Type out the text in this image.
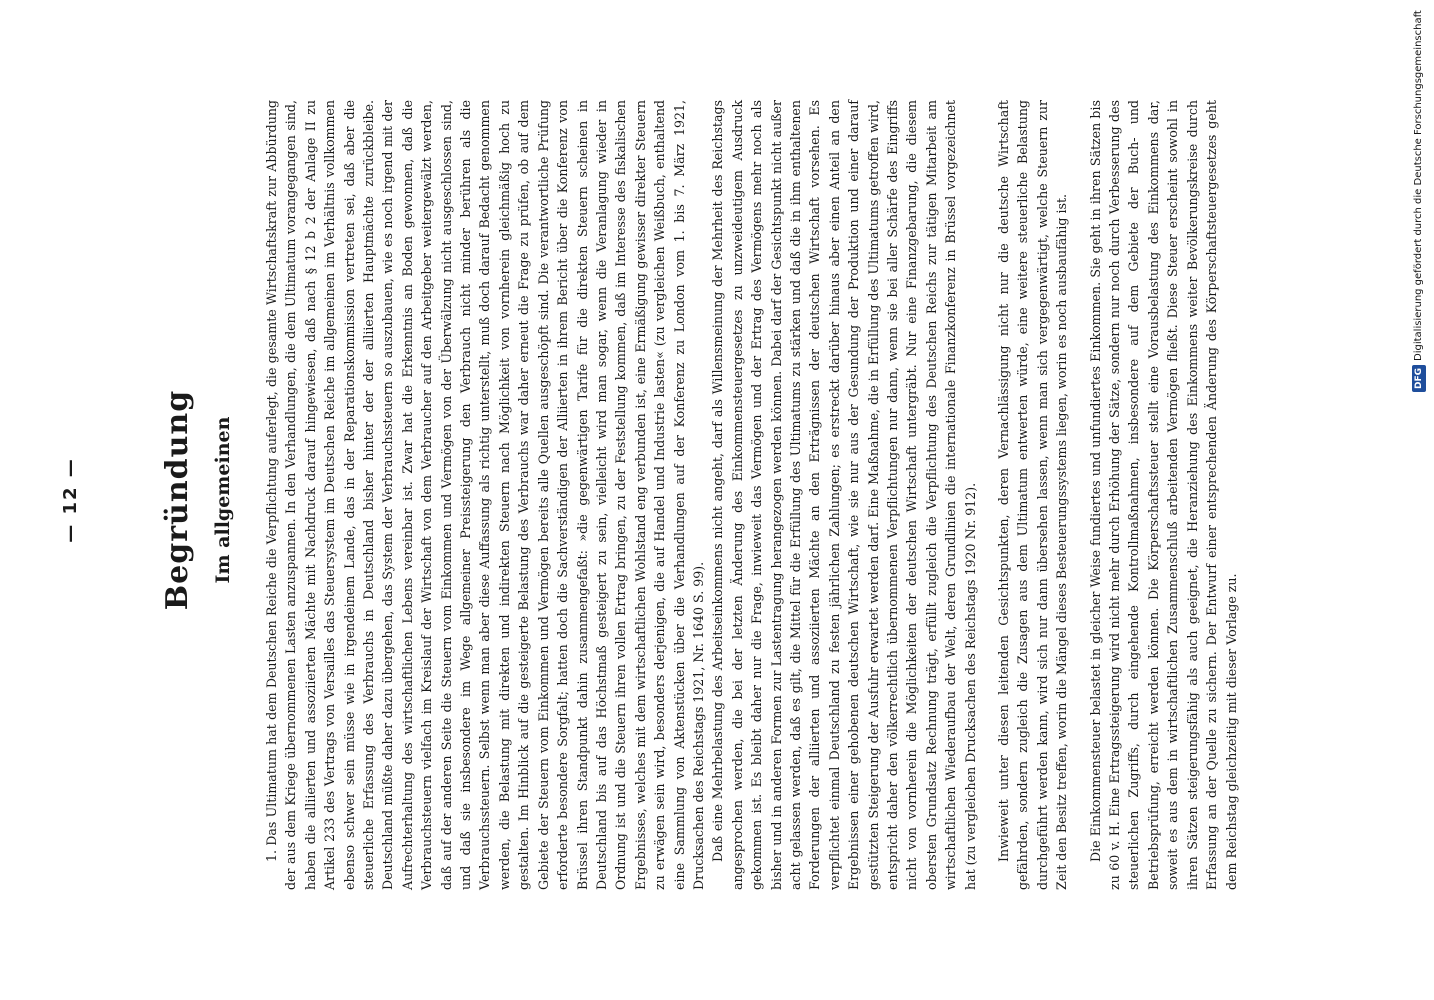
— 12 —	Begründung Im allgemeinen 1. Das Ultimatum hat dem Deutschen Reiche die Verpflichtung auferlegt, die gesamte Wirtschaftskraft zur Abbürdung der aus dem Kriege übernommenen Lasten anzuspannen. In den Verhandlungen, die dem Ultimatum vorangegangen sind, haben die alliierten und assoziierten Mächte mit Nachdruck darauf hingewiesen, daß nach § 12 b 2 der Anlage II zu Artikel 233 des Vertrags von Versailles das Steuersystem im Deutschen Reiche im allgemeinen im Verhältnis vollkommen ebenso schwer sein müsse wie in irgendeinem Lande, das in der Reparationskommission vertreten sei, daß aber die steuerliche Erfassung des Verbrauchs in Deutschland bisher hinter der der alliierten Hauptmächte zurückbleibe. Deutschland müßte daher dazu übergehen, das System der Verbrauchssteuern so auszubauen, wie es noch irgend mit der Aufrechterhaltung des wirtschaftlichen Lebens vereinbar ist. Zwar hat die Erkenntnis an Boden gewonnen, daß die Verbrauchsteuern vielfach im Kreislauf der Wirtschaft von dem Verbraucher auf den Arbeitgeber weitergewälzt werden, daß auf der anderen Seite die Steuern vom Einkommen und Vermögen von der Überwälzung nicht ausgeschlossen sind, und daß sie insbesondere im Wege allgemeiner Preissteigerung den Verbrauch nicht minder berühren als die Verbrauchssteuern. Selbst wenn man aber diese Auffassung als richtig unterstellt, muß doch darauf Bedacht genommen werden, die Belastung mit direkten und indirekten Steuern nach Möglichkeit von vornherein gleichmäßig hoch zu gestalten. Im Hinblick auf die gesteigerte Belastung des Verbrauchs war daher erneut die Frage zu prüfen, ob auf dem Gebiete der Steuern vom Einkommen und Vermögen bereits alle Quellen ausgeschöpft sind. Die verantwortliche Prüfung erforderte besondere Sorgfalt; hatten doch die Sachverständigen der Alliierten in ihrem Bericht über die Konferenz von Brüssel ihren Standpunkt dahin zusammengefaßt: »die gegenwärtigen Tarife für die direkten Steuern scheinen in Deutschland bis auf das Höchstmaß gesteigert zu sein, vielleicht wird man sogar, wenn die Veranlagung wieder in Ordnung ist und die Steuern ihren vollen Ertrag bringen, zu der Feststellung kommen, daß im Interesse des fiskalischen Ergebnisses, welches mit dem wirtschaftlichen Wohlstand eng verbunden ist, eine Ermäßigung gewisser direkter Steuern zu erwägen sein wird, besonders derjenigen, die auf Handel und Industrie lasten« (zu vergleichen Weißbuch, enthaltend eine Sammlung von Aktenstücken über die Verhandlungen auf der Konferenz zu London vom 1. bis 7. März 1921, Drucksachen des Reichstags 1921, Nr. 1640 S. 99). Daß eine Mehrbelastung des Arbeitseinkommens nicht angeht, darf als Willensmeinung der Mehrheit des Reichstags angesprochen werden, die bei der letzten Änderung des Einkommensteuergesetzes zu unzweideutigem Ausdruck gekommen ist. Es bleibt daher nur die Frage, inwieweit das Vermögen und der Ertrag des Vermögens mehr noch als bisher und in anderen Formen zur Lastentragung herangezogen werden können. Dabei darf der Gesichtspunkt nicht außer acht gelassen werden, daß es gilt, die Mittel für die Erfüllung des Ultimatums zu stärken und daß die in ihm enthaltenen Forderungen der alliierten und assoziierten Mächte an den Erträgnissen der deutschen Wirtschaft vorsehen. Es verpflichtet einmal Deutschland zu festen jährlichen Zahlungen; es erstreckt darüber hinaus aber einen Anteil an den Ergebnissen einer gehobenen deutschen Wirtschaft, wie sie nur aus der Gesundung der Produktion und einer darauf gestützten Steigerung der Ausfuhr erwartet werden darf. Eine Maßnahme, die in Erfüllung des Ultimatums getroffen wird, entspricht daher den völkerrechtlich übernommenen Verpflichtungen nur dann, wenn sie bei aller Schärfe des Eingriffs nicht von vornherein die Möglichkeiten der deutschen Wirtschaft untergräbt. Nur eine Finanzgebarung, die diesem obersten Grundsatz Rechnung trägt, erfüllt zugleich die Verpflichtung des Deutschen Reichs zur tätigen Mitarbeit am wirtschaftlichen Wiederaufbau der Welt, deren Grundlinien die internationale Finanzkonferenz in Brüssel vorgezeichnet hat (zu vergleichen Drucksachen des Reichstags 1920 Nr. 912). Inwieweit unter diesen leitenden Gesichtspunkten, deren Vernachlässigung nicht nur die deutsche Wirtschaft gefährden, sondern zugleich die Zusagen aus dem Ultimatum entwerten würde, eine weitere steuerliche Belastung durchgeführt werden kann, wird sich nur dann übersehen lassen, wenn man sich vergegenwärtigt, welche Steuern zur Zeit den Besitz treffen, worin die Mängel dieses Besteuerungssystems liegen, worin es noch ausbaufähig ist. Die Einkommensteuer belastet in gleicher Weise fundiertes und unfundiertes Einkommen. Sie geht in ihren Sätzen bis zu 60 v. H. Eine Ertragssteigerung wird nicht mehr durch Erhöhung der Sätze, sondern nur noch durch Verbesserung des steuerlichen Zugriffs, durch eingehende Kontrollmaßnahmen, insbesondere auf dem Gebiete der Buch- und Betriebsprüfung, erreicht werden können. Die Körperschaftssteuer stellt eine Vorausbelastung des Einkommens dar, soweit es aus dem in wirtschaftlichen Zusammenschluß arbeitenden Vermögen fließt. Diese Steuer erscheint sowohl in ihren Sätzen steigerungsfähig als auch geeignet, die Heranziehung des Einkommens weiter Bevölkerungskreise durch Erfassung an der Quelle zu sichern. Der Entwurf einer entsprechenden Änderung des Körperschaftsteuergesetzes geht dem Reichstag gleichzeitig mit dieser Vorlage zu.

DFGDigitalisierung gefördert durch die Deutsche Forschungsgemeinschaft
